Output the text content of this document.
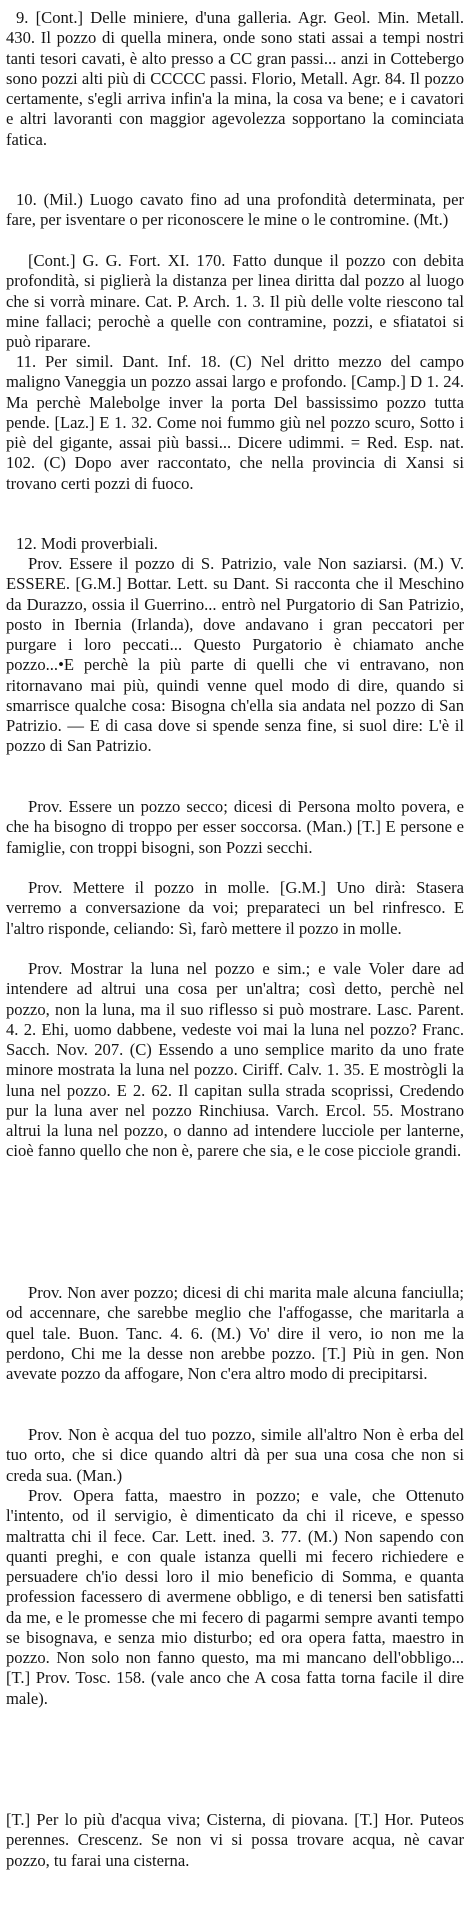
9. [Cont.] Delle miniere, d'una galleria. Agr. Geol. Min. Metall. 430. Il pozzo di quella minera, onde sono stati assai a tempi nostri tanti tesori cavati, è alto presso a CC gran passi... anzi in Cottebergo sono pozzi alti più di CCCCC passi. Florio, Metall. Agr. 84. Il pozzo certamente, s'egli arriva infin'a la mina, la cosa va bene; e i cavatori e altri lavoranti con maggior agevolezza sopportano la cominciata fatica.

10. (Mil.) Luogo cavato fino ad una profondità determinata, per fare, per isventare o per riconoscere le mine o le contromine. (Mt.)

[Cont.] G. G. Fort. XI. 170. Fatto dunque il pozzo con debita profondità, si piglierà la distanza per linea diritta dal pozzo al luogo che si vorrà minare. Cat. P. Arch. 1. 3. Il più delle volte riescono tal mine fallaci; perochè a quelle con contramine, pozzi, e sfiatatoi si può riparare.

11. Per simil. Dant. Inf. 18. (C) Nel dritto mezzo del campo maligno Vaneggia un pozzo assai largo e profondo. [Camp.] D 1. 24. Ma perchè Malebolge inver la porta Del bassissimo pozzo tutta pende. [Laz.] E 1. 32. Come noi fummo giù nel pozzo scuro, Sotto i piè del gigante, assai più bassi... Dicere udimmi. = Red. Esp. nat. 102. (C) Dopo aver raccontato, che nella provincia di Xansi si trovano certi pozzi di fuoco.

12. Modi proverbiali.

Prov. Essere il pozzo di S. Patrizio, vale Non saziarsi. (M.) V. ESSERE. [G.M.] Bottar. Lett. su Dant. Si racconta che il Meschino da Durazzo, ossia il Guerrino... entrò nel Purgatorio di San Patrizio, posto in Ibernia (Irlanda), dove andavano i gran peccatori per purgare i loro peccati... Questo Purgatorio è chiamato anche pozzo...•E perchè la più parte di quelli che vi entravano, non ritornavano mai più, quindi venne quel modo di dire, quando si smarrisce qualche cosa: Bisogna ch'ella sia andata nel pozzo di San Patrizio. — E di casa dove si spende senza fine, si suol dire: L'è il pozzo di San Patrizio.

Prov. Essere un pozzo secco; dicesi di Persona molto povera, e che ha bisogno di troppo per esser soccorsa. (Man.) [T.] E persone e famiglie, con troppi bisogni, son Pozzi secchi.

Prov. Mettere il pozzo in molle. [G.M.] Uno dirà: Stasera verremo a conversazione da voi; preparateci un bel rinfresco. E l'altro risponde, celiando: Sì, farò mettere il pozzo in molle.

Prov. Mostrar la luna nel pozzo e sim.; e vale Voler dare ad intendere ad altrui una cosa per un'altra; così detto, perchè nel pozzo, non la luna, ma il suo riflesso si può mostrare. Lasc. Parent. 4. 2. Ehi, uomo dabbene, vedeste voi mai la luna nel pozzo? Franc. Sacch. Nov. 207. (C) Essendo a uno semplice marito da uno frate minore mostrata la luna nel pozzo. Ciriff. Calv. 1. 35. E mostrògli la luna nel pozzo. E 2. 62. Il capitan sulla strada scoprissi, Credendo pur la luna aver nel pozzo Rinchiusa. Varch. Ercol. 55. Mostrano altrui la luna nel pozzo, o danno ad intendere lucciole per lanterne, cioè fanno quello che non è, parere che sia, e le cose picciole grandi.

Prov. Non aver pozzo; dicesi di chi marita male alcuna fanciulla; od accennare, che sarebbe meglio che l'affogasse, che maritarla a quel tale. Buon. Tanc. 4. 6. (M.) Vo' dire il vero, io non me la perdono, Chi me la desse non arebbe pozzo. [T.] Più in gen. Non avevate pozzo da affogare, Non c'era altro modo di precipitarsi.

Prov. Non è acqua del tuo pozzo, simile all'altro Non è erba del tuo orto, che si dice quando altri dà per sua una cosa che non si creda sua. (Man.)

Prov. Opera fatta, maestro in pozzo; e vale, che Ottenuto l'intento, od il servigio, è dimenticato da chi il riceve, e spesso maltratta chi il fece. Car. Lett. ined. 3. 77. (M.) Non sapendo con quanti preghi, e con quale istanza quelli mi fecero richiedere e persuadere ch'io dessi loro il mio beneficio di Somma, e quanta profession facessero di avermene obbligo, e di tenersi ben satisfatti da me, e le promesse che mi fecero di pagarmi sempre avanti tempo se bisognava, e senza mio disturbo; ed ora opera fatta, maestro in pozzo. Non solo non fanno questo, ma mi mancano dell'obbligo... [T.] Prov. Tosc. 158. (vale anco che A cosa fatta torna facile il dire male).

[T.] Per lo più d'acqua viva; Cisterna, di piovana. [T.] Hor. Puteos perennes. Crescenz. Se non vi si possa trovare acqua, nè cavar pozzo, tu farai una cisterna.
